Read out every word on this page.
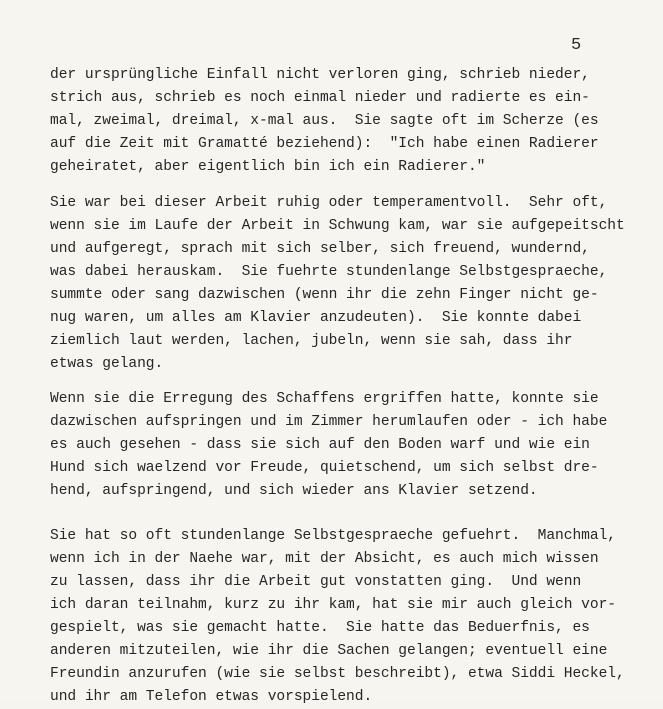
5
der ursprüngliche Einfall nicht verloren ging, schrieb nieder,
strich aus, schrieb es noch einmal nieder und radierte es ein-
mal, zweimal, dreimal, x-mal aus.  Sie sagte oft im Scherze (es
auf die Zeit mit Gramatté beziehend):  "Ich habe einen Radierer
geheiratet, aber eigentlich bin ich ein Radierer."
Sie war bei dieser Arbeit ruhig oder temperamentvoll.  Sehr oft,
wenn sie im Laufe der Arbeit in Schwung kam, war sie aufgepeitscht
und aufgeregt, sprach mit sich selber, sich freuend, wundernd,
was dabei herauskam.  Sie fuehrte stundenlange Selbstgespraeche,
summte oder sang dazwischen (wenn ihr die zehn Finger nicht ge-
nug waren, um alles am Klavier anzudeuten).  Sie konnte dabei
ziemlich laut werden, lachen, jubeln, wenn sie sah, dass ihr
etwas gelang.
Wenn sie die Erregung des Schaffens ergriffen hatte, konnte sie
dazwischen aufspringen und im Zimmer herumlaufen oder - ich habe
es auch gesehen - dass sie sich auf den Boden warf und wie ein
Hund sich waelzend vor Freude, quietschend, um sich selbst dre-
hend, aufspringend, und sich wieder ans Klavier setzend.
Sie hat so oft stundenlange Selbstgespraeche gefuehrt.  Manchmal,
wenn ich in der Naehe war, mit der Absicht, es auch mich wissen
zu lassen, dass ihr die Arbeit gut vonstatten ging.  Und wenn
ich daran teilnahm, kurz zu ihr kam, hat sie mir auch gleich vor-
gespielt, was sie gemacht hatte.  Sie hatte das Beduerfnis, es
anderen mitzuteilen, wie ihr die Sachen gelangen; eventuell eine
Freundin anzurufen (wie sie selbst beschreibt), etwa Siddi Heckel,
und ihr am Telefon etwas vorspielend.
